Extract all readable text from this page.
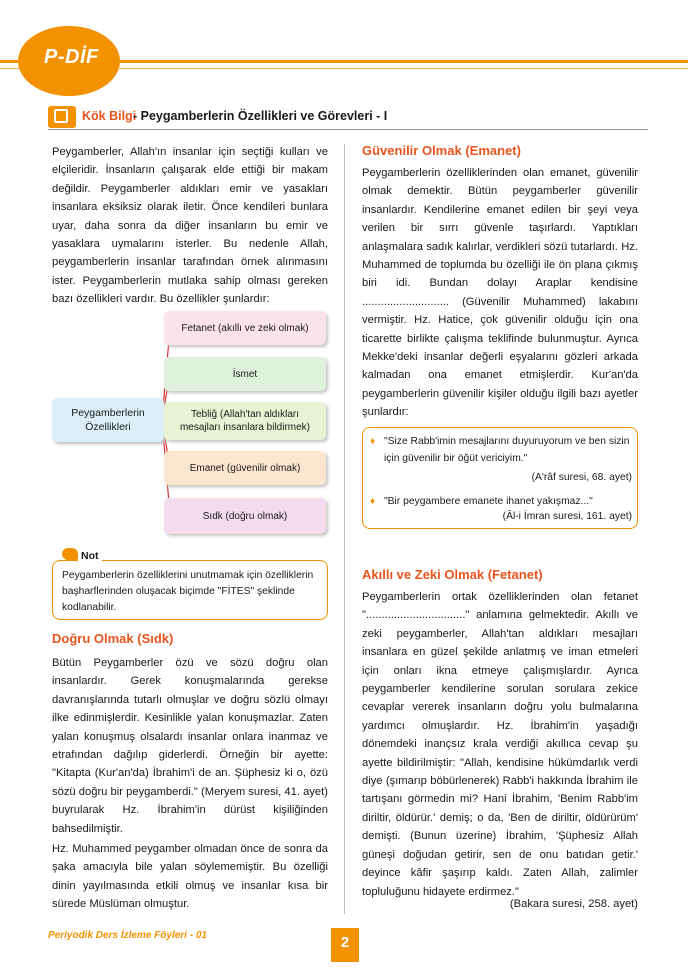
P-DİF
Kök Bilgi
- Peygamberlerin Özellikleri ve Görevleri - I

Peygamberler, Allah'ın insanlar için seçtiği kulları ve elçileridir. İnsanların çalışarak elde ettiği bir makam değildir. Peygamberler aldıkları emir ve yasakları insanlara eksiksiz olarak iletir. Önce kendileri bunlara uyar, daha sonra da diğer insanların bu emir ve yasaklara uymalarını isterler. Bu nedenle Allah, peygamberlerin insanlar tarafından örnek alınmasını ister. Peygamberlerin mutlaka sahip olması gereken bazı özellikleri vardır. Bu özellikler şunlardır:

Peygamberlerin Özellikleri
Fetanet (akıllı ve zeki olmak)
İsmet
Tebliğ (Allah'tan aldıkları mesajları insanlara bildirmek)
Emanet (güvenilir olmak)
Sıdk (doğru olmak)
Not
Peygamberlerin özelliklerini unutmamak için özelliklerin başharflerinden oluşacak biçimde "FİTES" şeklinde kodlanabilir.

Doğru Olmak (Sıdk)

Bütün Peygamberler özü ve sözü doğru olan insanlardır. Gerek konuşmalarında gerekse davranışlarında tutarlı olmuşlar ve doğru sözlü olmayı ilke edinmişlerdir. Kesinlikle yalan konuşmazlar. Zaten yalan konuşmuş olsalardı insanlar onlara inanmaz ve etrafından dağılıp giderlerdi. Örneğin bir ayette: "Kitapta (Kur'an'da) İbrahim'i de an. Şüphesiz ki o, özü sözü doğru bir peygamberdi." (Meryem suresi, 41. ayet) buyrularak Hz. İbrahim'in dürüst kişiliğinden bahsedilmiştir.

Hz. Muhammed peygamber olmadan önce de sonra da şaka amacıyla bile yalan söylememiştir. Bu özelliği dinin yayılmasında etkili olmuş ve insanlar kısa bir sürede Müslüman olmuştur.

Güvenilir Olmak (Emanet)

Peygamberlerin özelliklerinden olan emanet, güvenilir olmak demektir. Bütün peygamberler güvenilir insanlardır. Kendilerine emanet edilen bir şeyi veya verilen bir sırrı güvenle taşırlardı. Yaptıkları anlaşmalara sadık kalırlar, verdikleri sözü tutarlardı. Hz. Muhammed de toplumda bu özelliği ile ön plana çıkmış biri idi. Bundan dolayı Araplar kendisine ............................ (Güvenilir Muhammed) lakabını vermiştir. Hz. Hatice, çok güvenilir olduğu için ona ticarette birlikte çalışma teklifinde bulunmuştur. Ayrıca Mekke'deki insanlar değerli eşyalarını gözleri arkada kalmadan ona emanet etmişlerdir. Kur'an'da peygamberlerin güvenilir kişiler olduğu ilgili bazı ayetler şunlardır:

♦ "Size Rabb'imin mesajlarını duyuruyorum ve ben sizin için güvenilir bir öğüt vericiyim."
(A'râf suresi, 68. ayet)
♦ "Bir peygambere emanete ihanet yakışmaz..."
(Âl-i İmran suresi, 161. ayet)

Akıllı ve Zeki Olmak (Fetanet)

Peygamberlerin ortak özelliklerinden olan fetanet "................................" anlamına gelmektedir. Akıllı ve zeki peygamberler, Allah'tan aldıkları mesajları insanlara en güzel şekilde anlatmış ve iman etmeleri için onları ikna etmeye çalışmışlardır. Ayrıca peygamberler kendilerine sorulan sorulara zekice cevaplar vererek insanların doğru yolu bulmalarına yardımcı olmuşlardır. Hz. İbrahim'in yaşadığı dönemdeki inançsız krala verdiği akıllıca cevap şu ayette bildirilmiştir: "Allah, kendisine hükümdarlık verdi diye (şımarıp böbürlenerek) Rabb'i hakkında İbrahim ile tartışanı görmedin mi? Hani İbrahim, 'Benim Rabb'im diriltir, öldürür.' demiş; o da, 'Ben de diriltir, öldürürüm' demişti. (Bunun üzerine) İbrahim, 'Şüphesiz Allah güneşi doğudan getirir, sen de onu batıdan getir.' deyince kâfir şaşırıp kaldı. Zaten Allah, zalimler topluluğunu hidayete erdirmez."

(Bakara suresi, 258. ayet)
Periyodik Ders İzleme Föyleri - 01	2
